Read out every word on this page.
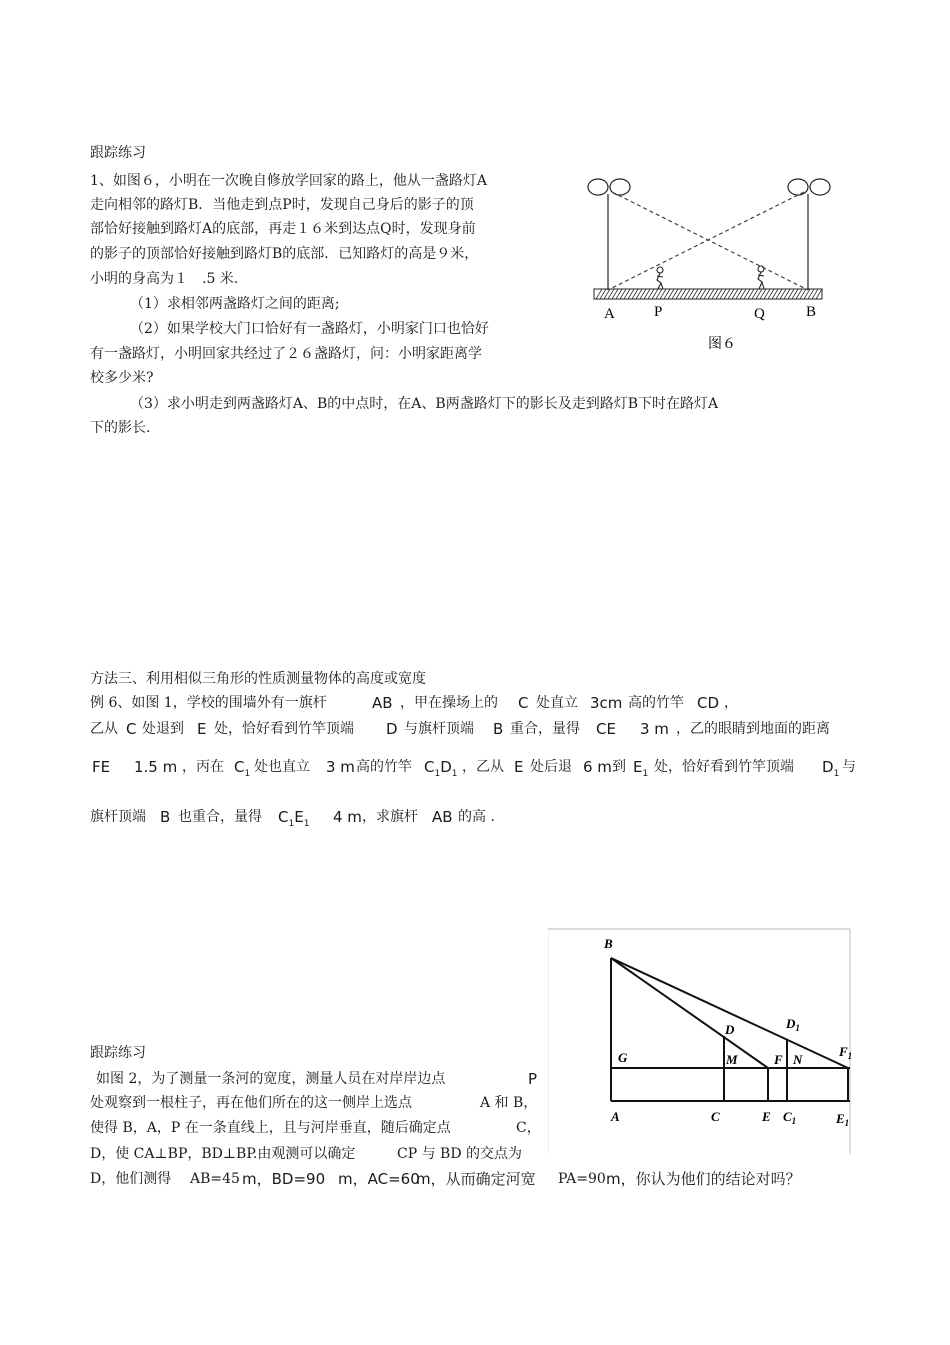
跟踪练习
1、如图６，小明在一次晚自修放学回家的路上，他从一盏路灯A
走向相邻的路灯B．当他走到点P时，发现自己身后的影子的顶
部恰好接触到路灯A的底部，再走１６米到达点Q时，发现身前
的影子的顶部恰好接触到路灯B的底部．已知路灯的高是９米，
小明的身高为１　.5 米.
（1）求相邻两盏路灯之间的距离;
（2）如果学校大门口恰好有一盏路灯，小明家门口也恰好
有一盏路灯，小明回家共经过了２６盏路灯，问：小明家距离学
校多少米?
（3）求小明走到两盏路灯A、B的中点时，在A、B两盏路灯下的影长及走到路灯B下时在路灯A
下的影长.
A	P	Q	B
图６
方法三、利用相似三角形的性质测量物体的高度或宽度
例 6、如图 1，学校的围墙外有一旗杆	AB ，甲在操场上的 C 处直立 3cm 高的竹竿 CD ，
乙从 C 处退到 E 处，恰好看到竹竿顶端 D 与旗杆顶端 B 重合，量得 CE 3 m ，乙的眼睛到地面的距离
FE 1.5 m ，丙在 $C_1$ 处也直立 3 m 高的竹竿 $C_1D_1$ ，乙从 E 处后退 6 m 到 $E_1$ 处，恰好看到竹竿顶端 $D_1$ 与
旗杆顶端 B 也重合，量得 $C_1E_1$ 4 m ，求旗杆 AB 的高 .
跟踪练习
如图 2，为了测量一条河的宽度，测量人员在对岸岸边点	P
处观察到一根柱子，再在他们所在的这一侧岸上选点	A 和 B，
使得 B，A，P 在一条直线上，且与河岸垂直，随后确定点	C，
D，使 CA⊥BP，BD⊥BP.由观测可以确定	CP 与 BD 的交点为
D，他们测得 AB=45 m，BD=90 m，AC=60
m，从而确定河宽 PA=90 m，你认为他们的结论对吗？
B
D	$D_1$
G	M	F N
$F_1$
A	C	E $C_1$	$E_1$
